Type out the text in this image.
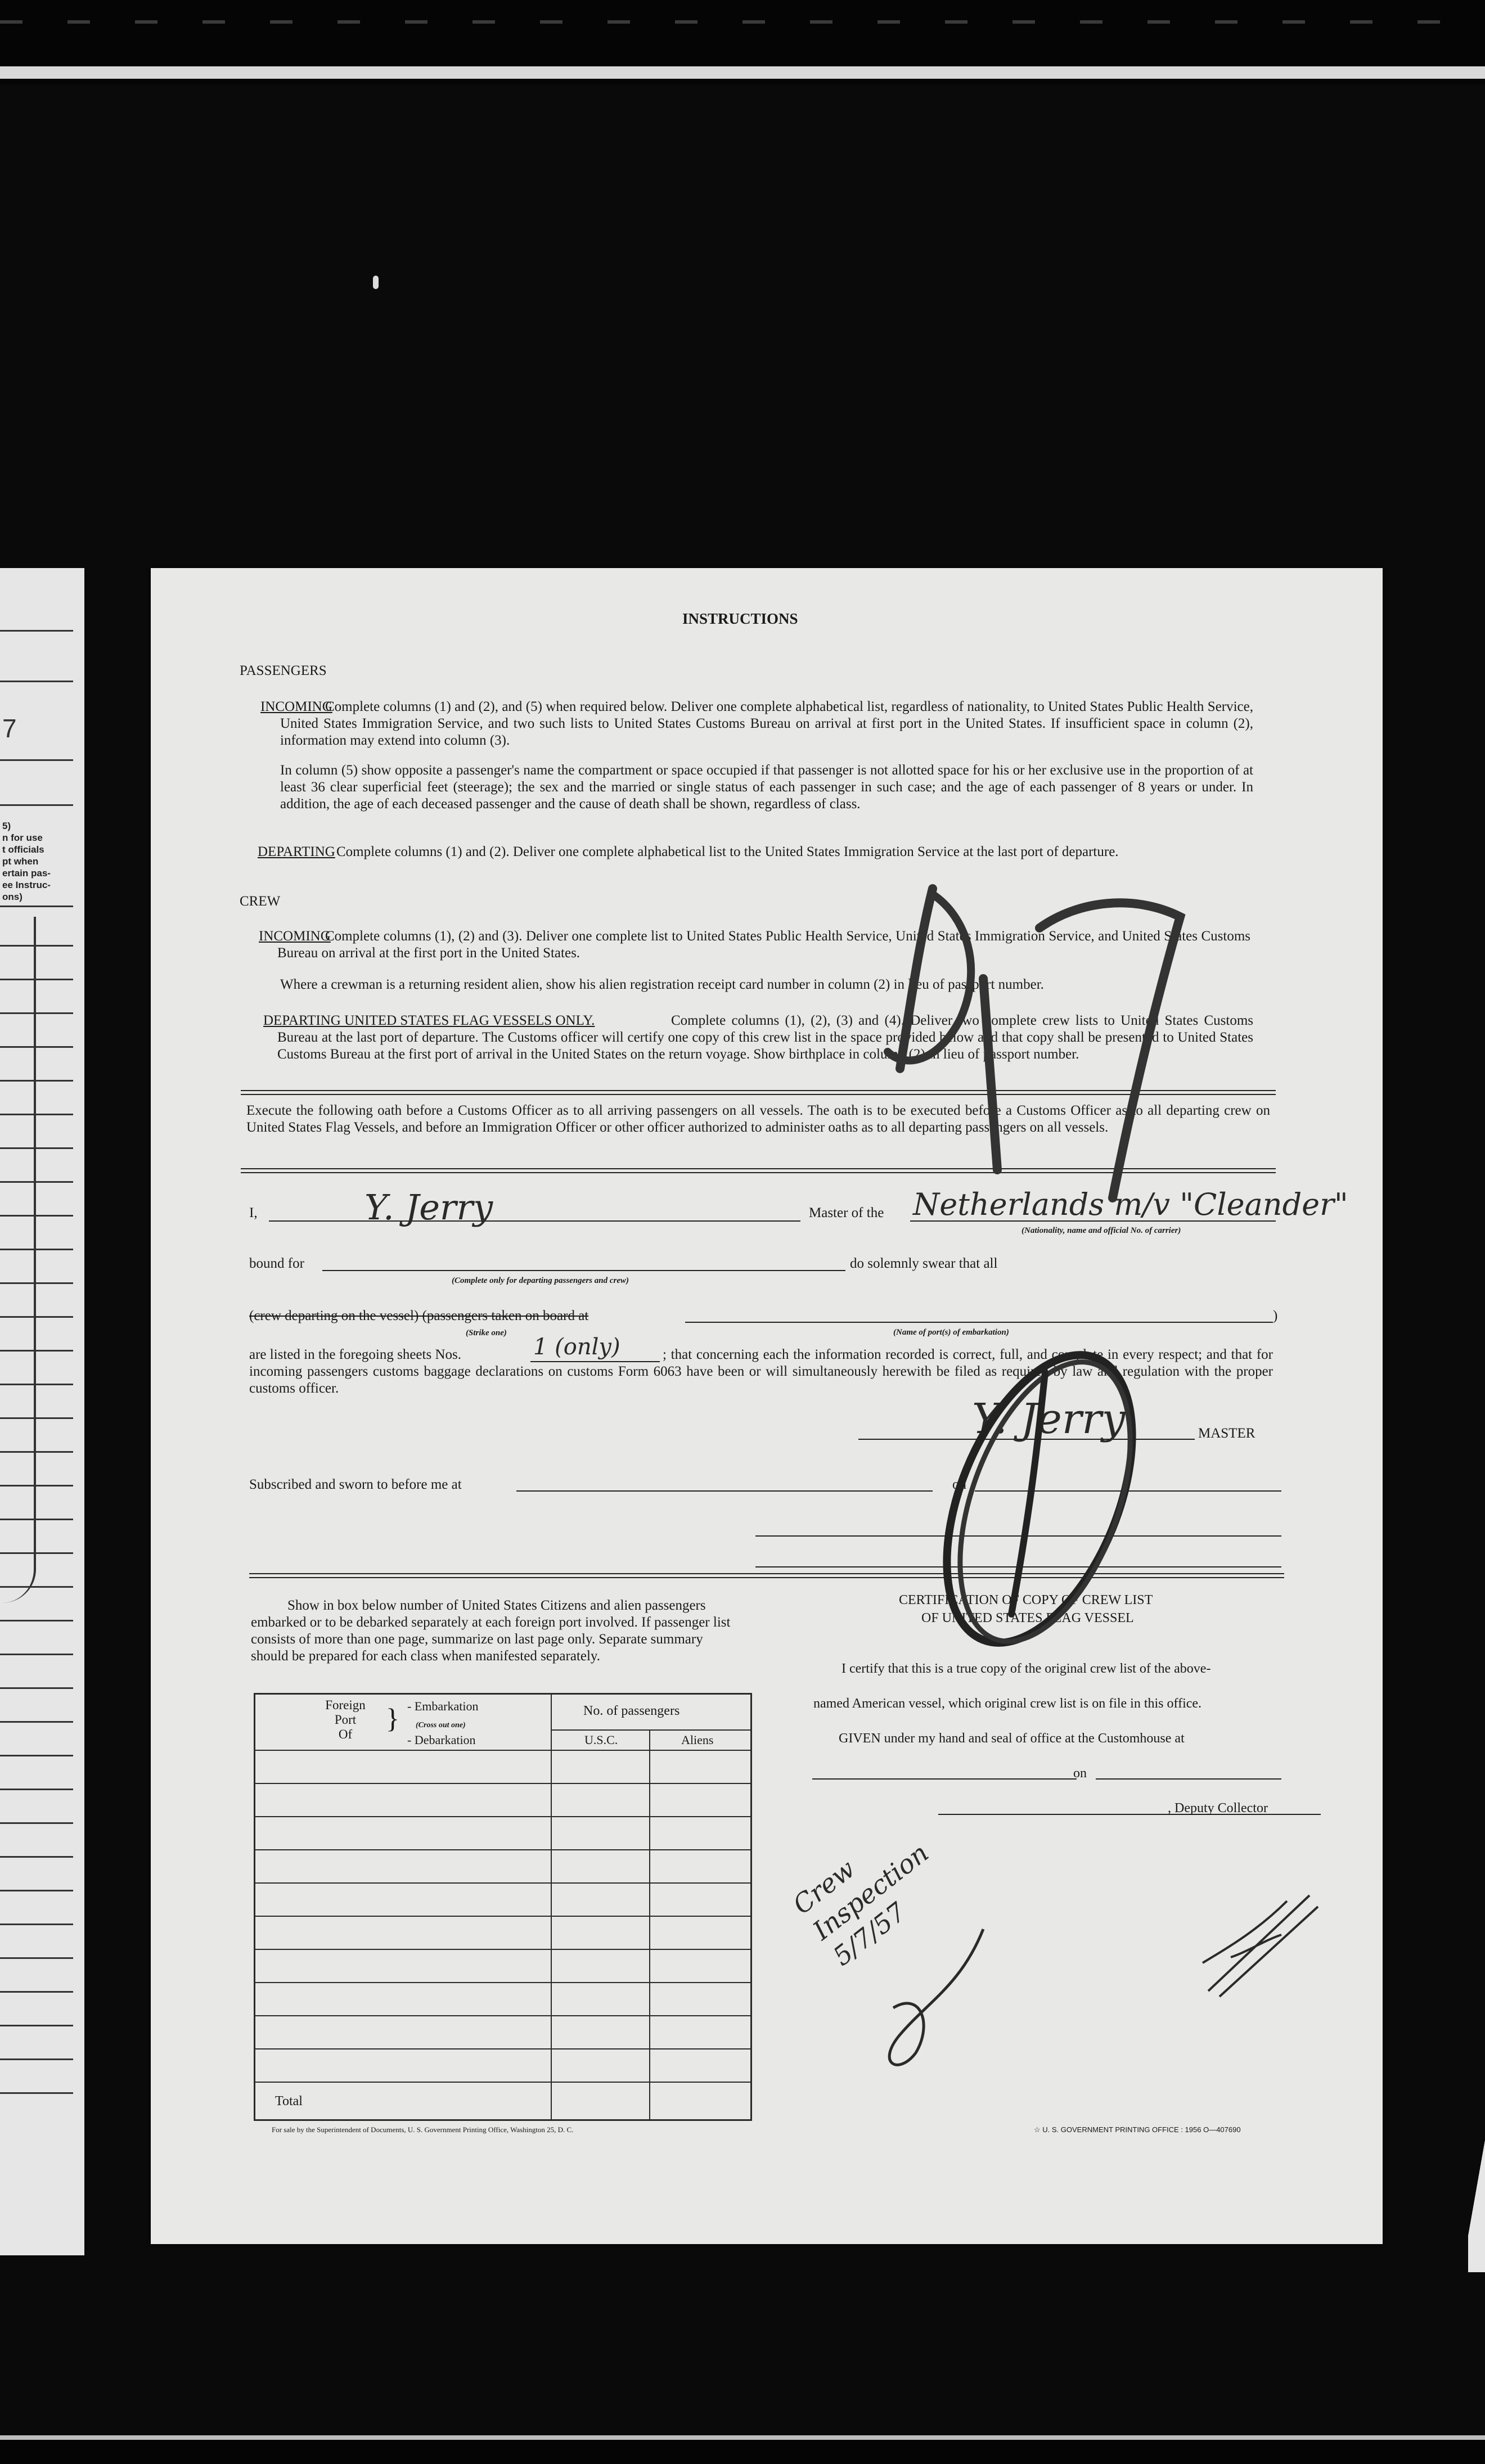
7
5)
n for use
t officials
pt when
ertain pas-
ee Instruc-
ons)
INSTRUCTIONS
PASSENGERS
INCOMING
Complete columns (1) and (2), and (5) when required below. Deliver one complete alphabetical list, regardless of nationality, to United States Public Health Service, United States Immigration Service, and two such lists to United States Customs Bureau on arrival at first port in the United States. If insufficient space in column (2), information may extend into column (3).
In column (5) show opposite a passenger's name the compartment or space occupied if that passenger is not allotted space for his or her exclusive use in the proportion of at least 36 clear superficial feet (steerage); the sex and the married or single status of each passenger in such case; and the age of each passenger of 8 years or under. In addition, the age of each deceased passenger and the cause of death shall be shown, regardless of class.
DEPARTING Complete columns (1) and (2). Deliver one complete alphabetical list to the United States Immigration Service at the last port of departure.
CREW
INCOMING
Complete columns (1), (2) and (3). Deliver one complete list to United States Public Health Service, United States Immigration Service, and United States Customs Bureau on arrival at the first port in the United States.
Where a crewman is a returning resident alien, show his alien registration receipt card number in column (2) in lieu of passport number.
DEPARTING UNITED STATES FLAG VESSELS ONLY.	Complete columns (1), (2), (3) and (4). Deliver two complete crew lists to United States Customs Bureau at the last port of departure. The Customs officer will certify one copy of this crew list in the space provided below and that copy shall be presented to United States Customs Bureau at the first port of arrival in the United States on the return voyage. Show birthplace in column (2) in lieu of passport number.
Execute the following oath before a Customs Officer as to all arriving passengers on all vessels. The oath is to be executed before a Customs Officer as to all departing crew on United States Flag Vessels, and before an Immigration Officer or other officer authorized to administer oaths as to all departing passengers on all vessels.
I,	Y. Jerry	Master of the Netherlands m/v "Cleander"
(Nationality, name and official No. of carrier)
bound for
(Complete only for departing passengers and crew)
do solemnly swear that all
(crew departing on the vessel) (passengers taken on board at
(Strike one)	(Name of port(s) of embarkation)
)
are listed in the foregoing sheets Nos.	1 (only)	; that concerning each the information recorded is correct, full, and complete in every respect; and that for incoming passengers customs baggage declarations on customs Form 6063 have been or will simultaneously herewith be filed as required by law and regulation with the proper customs officer.
Y. Jerry	MASTER
Subscribed and sworn to before me at	on
Show in box below number of United States Citizens and alien passengers embarked or to be debarked separately at each foreign port involved. If passenger list consists of more than one page, summarize on last page only. Separate summary should be prepared for each class when manifested separately.
Foreign
Port
Of
} - Embarkation
(Cross out one)
- Debarkation
No. of passengers
U.S.C.	Aliens
Total
CERTIFICATION OF COPY OF CREW LIST
OF UNITED STATES FLAG VESSEL
I certify that this is a true copy of the original crew list of the above-
named American vessel, which original crew list is on file in this office.
GIVEN under my hand and seal of office at the Customhouse at
on
, Deputy Collector
For sale by the Superintendent of Documents, U. S. Government Printing Office, Washington 25, D. C.	☆ U. S. GOVERNMENT PRINTING OFFICE : 1956 O—407690
Crew Inspection 5/7/57
